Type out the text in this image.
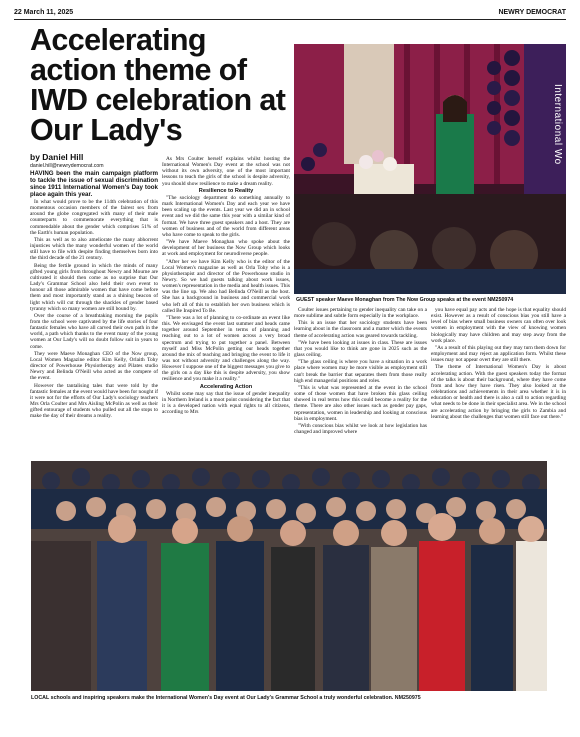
22 March 11, 2025	NEWRY DEMOCRAT
Accelerating action theme of IWD celebration at Our Lady's
by Daniel Hill
daniel.hill@newrydemocrat.com

HAVING been the main campaign platform to tackle the issue of sexual discrimination since 1911 International Women's Day took place again this year.

In what would prove to be the 114th celebration of this momentous occasion members of the fairest sex from around the globe congregated with many of their male counterparts to commemorate everything that is commendable about the gender which comprises 51% of the Earth's human population.

This as well as to also ameliorate the many abhorrent injustices which the many wonderful women of the world still have to file with despite finding themselves born into the third decade of the 21 century.

Being the fertile ground in which the minds of many gifted young girls from throughout Newry and Mourne are cultivated it should then come as no surprise that Our Lady's Grammar School also held their own event to honour all those admirable women that have come before them and most importantly stand as a shining beacon of light which will cut through the shackles of gender based tyranny which so many women are still bound by.

Over the course of a breathtaking morning the pupils from the school were captivated by the life stories of four fantastic females who have all carved their own path in the world, a path which thanks to the event many of the young women at Our Lady's will no doubt follow suit in years to come.

They were Maeve Monaghan CEO of the Now group, Local Women Magazine editor Kim Kelly, Orlaith Tohy director of Powerhouse Physiotherapy and Pilates studio Newry and Belinda O'Neill who acted as the compere of the event.

However the tantalising tales that were told by the fantastic females at the event would have been for nought if it were not for the efforts of Our Lady's sociology teachers Mrs Orla Coulter and Mrs Aisling McPolin as well as their gifted entourage of students who pulled out all the stops to make the day of their dreams a reality.

As Mrs Coulter herself explains whilst hosting the International Women's Day event at the school was not without its own adversity, one of the most important lessons to teach the girls of the school is despite adversity, you should show resilience to make a dream reality.

Resilience to Reality

"The sociology department do something annually to mark International Women's Day and each year we have been scaling up the events. Last year we did an in school event and we did the same this year with a similar kind of format. We have three guest speakers and a host. They are women of business and of the world from different areas who have come to speak to the girls.

"We have Maeve Monaghan who spoke about the development of her business the Now Group which looks at work and employment for neurodiverse people.

"After her we have Kim Kelly who is the editor of the Local Women's magazine as well as Orla Tohy who is a physiotherapist and director of the Powerhouse studio in Newry. So we had guests talking about work issues, women's representation in the media and health issues. This was the line up. We also had Belinda O'Neill as the host. She has a background in business and commercial work who left all of this to establish her own business which is called Be Inspired To Be.

"There was a lot of planning to co-ordinate an event like this. We envisaged the event last summer and heads came together around September in terms of planning and reaching out to a lot of women across a very broad spectrum and trying to put together a panel. Between myself and Miss McPolin getting our heads together around the mix of teaching and bringing the event to life it was not without adversity and challenges along the way. However I suppose one of the biggest messages you give to the girls on a day like this is despite adversity, you show resilience and you make it a reality."

Accelerating Action

Whilst some may say that the issue of gender inequality in Northern Ireland is a moot point considering the fact that it is a developed nation with equal rights to all citizens, according to Mrs

International Wo
GUEST speaker Maeve Monaghan from The Now Group speaks at the event NM250974

Coulter issues pertaining to gender inequality can take on a more sublime and subtle form especially in the workplace.

This is an issue that her sociology students have been learning about in the classroom and a matter which the events theme of accelerating action was geared towards tackling.

"We have been looking at issues in class. These are issues that you would like to think are gone in 2025 such as the glass ceiling.

"The glass ceiling is where you have a situation in a work place where women may be more visible as employment still can't break the barrier that separates them from those really high end managerial positions and roles.

"This is what was represented at the event in the school some of those women that have broken this glass ceiling showed in real terms how this could become a reality for the theme. There are also other issues such as gender pay gaps, representation, women in leadership and looking at conscious bias in employment.

"With conscious bias whilst we look at how legislation has changed and improved where

you have equal pay acts and the hope is that equality should exist. However as a result of conscious bias you still have a level of bias where small business owners can often over look women in employment with the view of knowing women biologically may have children and may step away from the work place.

"As a result of this playing out they may turn them down for employment and may reject an application form. Whilst these issues may not appear overt they are still there.

The theme of International Women's Day is about accelerating action. With the guest speakers today the format of the talks is about their background, where they have come from and how they have risen. They also looked at the celebrations and achievements in their area whether it is in education or health and there is also a call to action regarding what needs to be done in their specialist area. We in the school are accelerating action by bringing the girls to Zambia and learning about the challenges that women still face out there."

LOCAL schools and inspiring speakers make the International Women's Day event at Our Lady's Grammar School a truly wonderful celebration. NM250975
